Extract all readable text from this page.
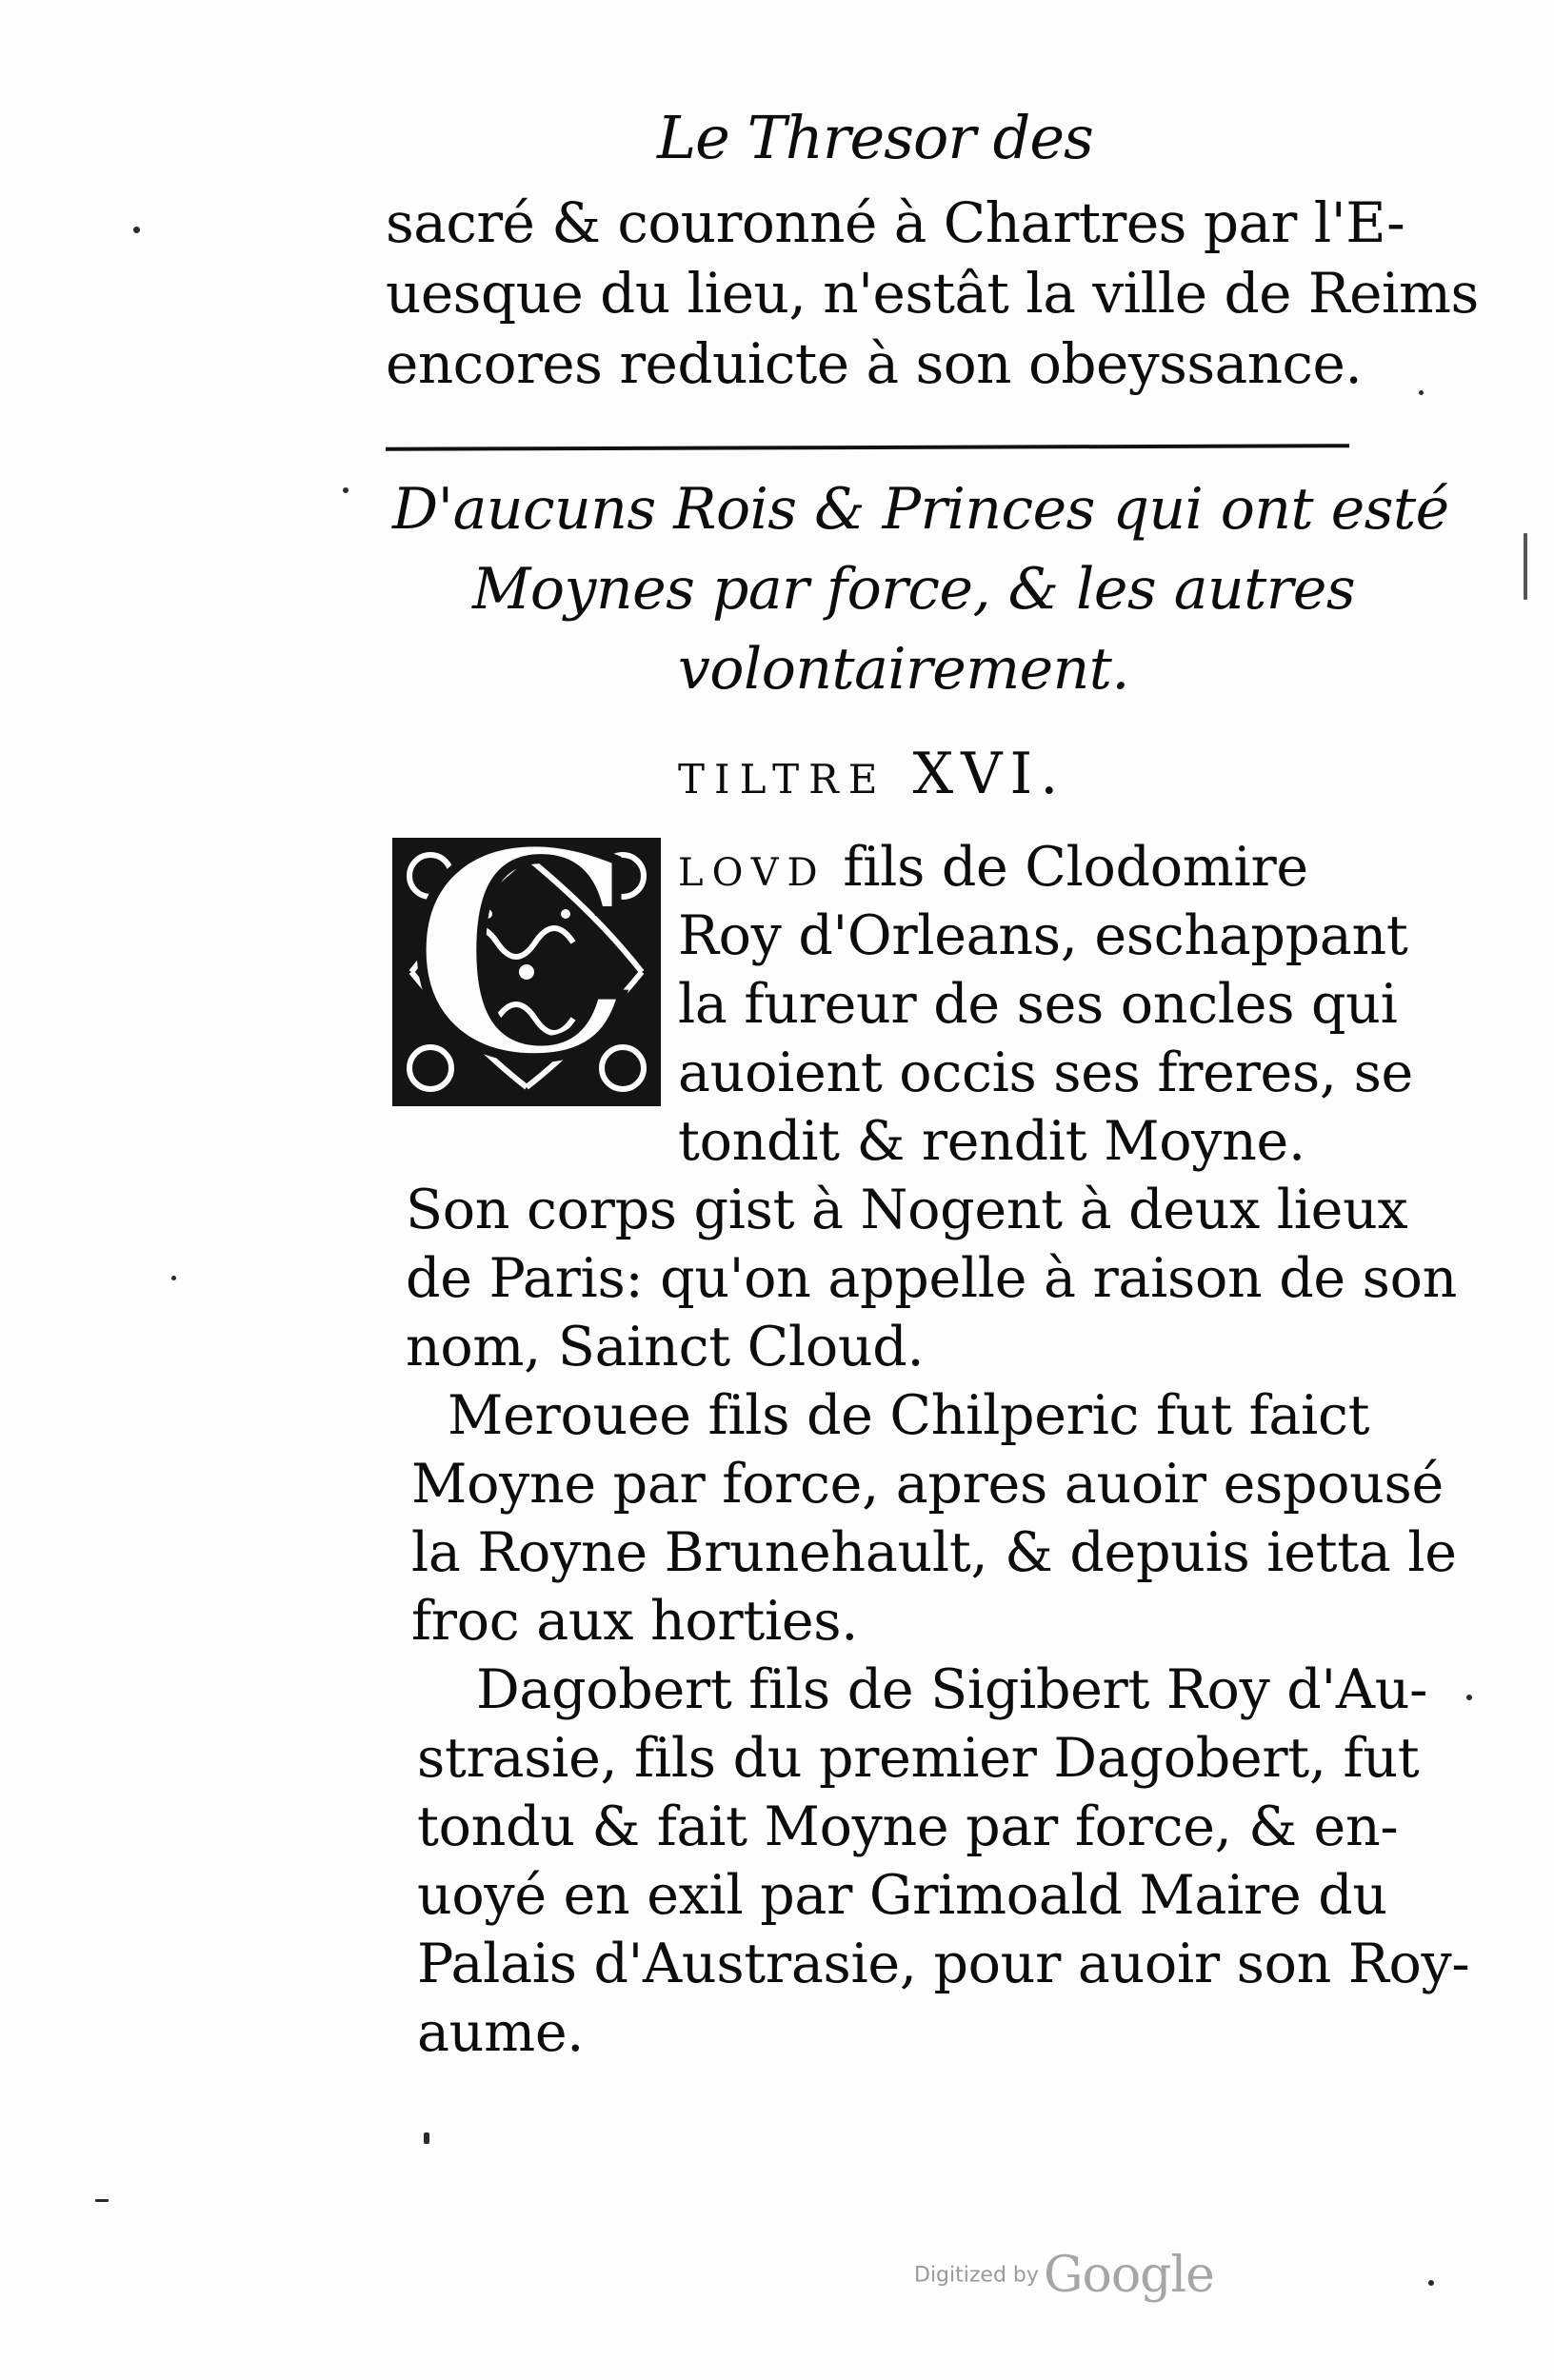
Le Thresor des
sacré & couronné à Chartres par l'E-
uesque du lieu, n'estât la ville de Reims
encores reduicte à son obeyssance.
D'aucuns Rois & Princes qui ont esté
Moynes par force, & les autres
volontairement.
TILTRE XVI.
C LOVD fils de Clodomire
Roy d'Orleans, eschappant
la fureur de ses oncles qui
auoient occis ses freres, se
tondit & rendit Moyne.
Son corps gist à Nogent à deux lieux
de Paris: qu'on appelle à raison de son
nom, Sainct Cloud.
Merouee fils de Chilperic fut faict
Moyne par force, apres auoir espousé
la Royne Brunehault, & depuis ietta le
froc aux horties.
Dagobert fils de Sigibert Roy d'Au-
strasie, fils du premier Dagobert, fut
tondu & fait Moyne par force, & en-
uoyé en exil par Grimoald Maire du
Palais d'Austrasie, pour auoir son Roy-
aume.
Digitized by Google
